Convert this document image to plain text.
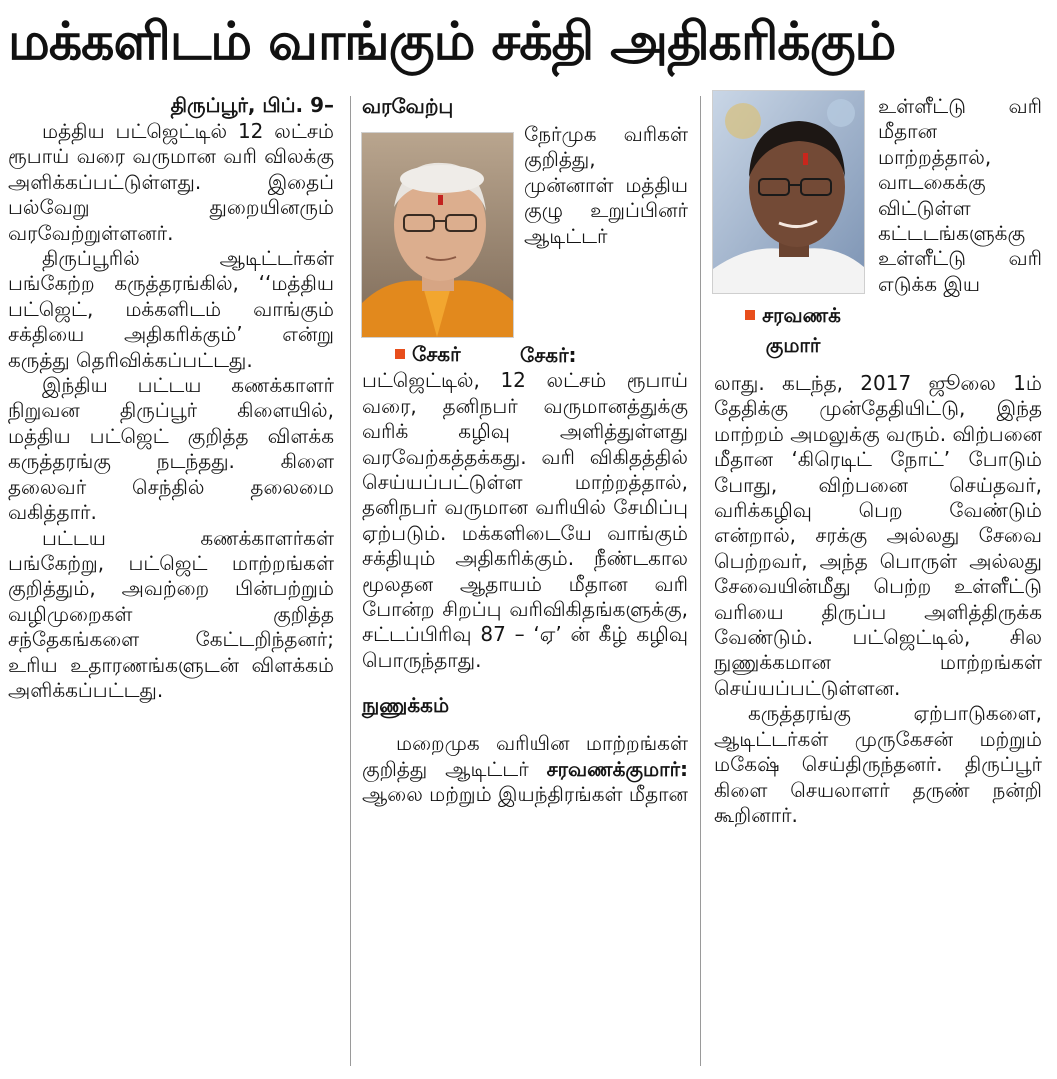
மக்களிடம் வாங்கும் சக்தி அதிகரிக்கும்
திருப்பூர், பிப். 9–

மத்திய பட்ஜெட்டில் 12 லட்சம் ரூபாய் வரை வருமான வரி விலக்கு அளிக்கப்பட்டுள்ளது. இதைப் பல்வேறு துறையினரும் வரவேற்றுள்ளனர்.

திருப்பூரில் ஆடிட்டர்கள் பங்கேற்ற கருத்தரங்கில், ‘‘மத்திய பட்ஜெட், மக்களிடம் வாங்கும் சக்தியை அதிகரிக்கும்’ என்று கருத்து தெரிவிக்கப்பட்டது.

இந்திய பட்டய கணக்காளர் நிறுவன திருப்பூர் கிளையில், மத்திய பட்ஜெட் குறித்த விளக்க கருத்தரங்கு நடந்தது. கிளை தலைவர் செந்தில் தலைமை வகித்தார்.

பட்டய கணக்காளர்கள் பங்கேற்று, பட்ஜெட் மாற்றங்கள் குறித்தும், அவற்றை பின்பற்றும் வழிமுறைகள் குறித்த சந்தேகங்களை கேட்டறிந்தனர்; உரிய உதாரணங்களுடன் விளக்கம் அளிக்கப்பட்டது.

வரவேற்பு
சேகர்
நேர்முக வரிகள் குறித்து, முன்னாள் மத்திய குழு உறுப்பினர் ஆடிட்டர்

சேகர்: பட்ஜெட்டில், 12 லட்சம் ரூபாய் வரை, தனிநபர் வருமானத்துக்கு வரிக் கழிவு அளித்துள்ளது வரவேற்கத்தக்கது. வரி விகிதத்தில் செய்யப்பட்டுள்ள மாற்றத்தால், தனிநபர் வருமான வரியில் சேமிப்பு ஏற்படும். மக்களிடையே வாங்கும் சக்தியும் அதிகரிக்கும். நீண்டகால மூலதன ஆதாயம் மீதான வரி போன்ற சிறப்பு வரிவிகிதங்களுக்கு, சட்டப்பிரிவு 87 – ‘ஏ’ ன் கீழ் கழிவு பொருந்தாது.

நுணுக்கம்

மறைமுக வரியின மாற்றங்கள் குறித்து ஆடிட்டர் சரவணக்குமார்: ஆலை மற்றும் இயந்திரங்கள் மீதான

சரவணக்
குமார்
உள்ளீட்டு வரி மீதான மாற்றத்தால், வாடகைக்கு விட்டுள்ள கட்டடங்களுக்கு உள்ளீட்டு வரி எடுக்க இய

லாது. கடந்த, 2017 ஜூலை 1ம் தேதிக்கு முன்தேதியிட்டு, இந்த மாற்றம் அமலுக்கு வரும். விற்பனை மீதான ‘கிரெடிட் நோட்’ போடும் போது, விற்பனை செய்தவர், வரிக்கழிவு பெற வேண்டும் என்றால், சரக்கு அல்லது சேவை பெற்றவர், அந்த பொருள் அல்லது சேவையின்மீது பெற்ற உள்ளீட்டு வரியை திருப்ப அளித்திருக்க வேண்டும். பட்ஜெட்டில், சில நுணுக்கமான மாற்றங்கள் செய்யப்பட்டுள்ளன.

கருத்தரங்கு ஏற்பாடுகளை, ஆடிட்டர்கள் முருகேசன் மற்றும் மகேஷ் செய்திருந்தனர். திருப்பூர் கிளை செயலாளர் தருண் நன்றி கூறினார்.
